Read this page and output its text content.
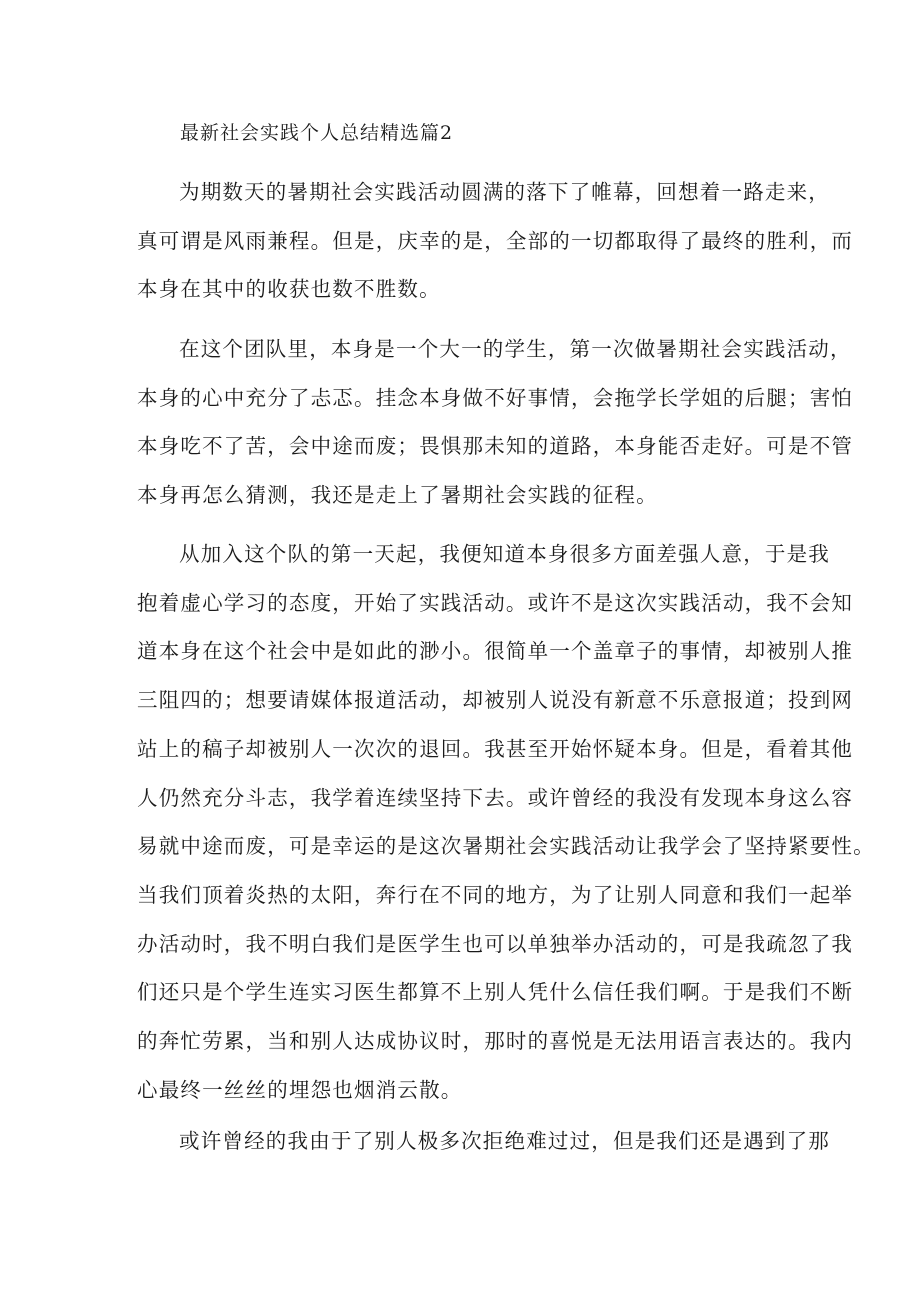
最新社会实践个人总结精选篇2
为期数天的暑期社会实践活动圆满的落下了帷幕，回想着一路走来，
真可谓是风雨兼程。但是，庆幸的是，全部的一切都取得了最终的胜利，而
本身在其中的收获也数不胜数。
在这个团队里，本身是一个大一的学生，第一次做暑期社会实践活动，
本身的心中充分了忐忑。挂念本身做不好事情，会拖学长学姐的后腿；害怕
本身吃不了苦，会中途而废；畏惧那未知的道路，本身能否走好。可是不管
本身再怎么猜测，我还是走上了暑期社会实践的征程。
从加入这个队的第一天起，我便知道本身很多方面差强人意，于是我
抱着虚心学习的态度，开始了实践活动。或许不是这次实践活动，我不会知
道本身在这个社会中是如此的渺小。很简单一个盖章子的事情，却被别人推
三阻四的；想要请媒体报道活动，却被别人说没有新意不乐意报道；投到网
站上的稿子却被别人一次次的退回。我甚至开始怀疑本身。但是，看着其他
人仍然充分斗志，我学着连续坚持下去。或许曾经的我没有发现本身这么容
易就中途而废，可是幸运的是这次暑期社会实践活动让我学会了坚持紧要性。
当我们顶着炎热的太阳，奔行在不同的地方，为了让别人同意和我们一起举
办活动时，我不明白我们是医学生也可以单独举办活动的，可是我疏忽了我
们还只是个学生连实习医生都算不上别人凭什么信任我们啊。于是我们不断
的奔忙劳累，当和别人达成协议时，那时的喜悦是无法用语言表达的。我内
心最终一丝丝的埋怨也烟消云散。
或许曾经的我由于了别人极多次拒绝难过过，但是我们还是遇到了那
